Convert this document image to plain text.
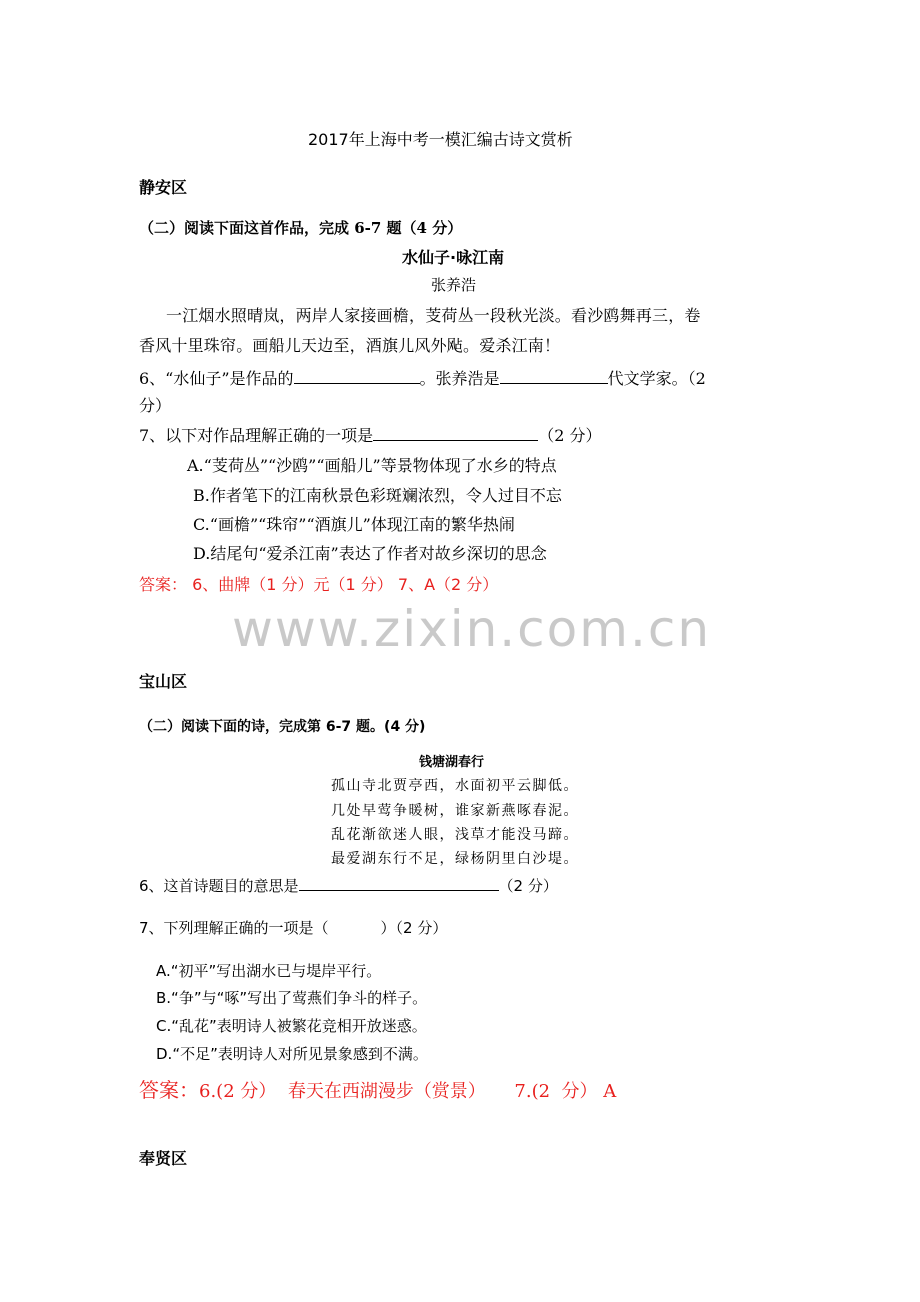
2017年上海中考一模汇编古诗文赏析
静安区
（二）阅读下面这首作品，完成 6-7 题（4 分）
水仙子·咏江南
张养浩
一江烟水照晴岚，两岸人家接画檐，芰荷丛一段秋光淡。看沙鸥舞再三，卷
香风十里珠帘。画船儿天边至，酒旗儿风外飐。爱杀江南！
6、“水仙子”是作品的	。张养浩是	代文学家。（2
分）
7、以下对作品理解正确的一项是	（2 分）
A.“芰荷丛”“沙鸥”“画船儿”等景物体现了水乡的特点
B.作者笔下的江南秋景色彩斑斓浓烈，令人过目不忘
C.“画檐”“珠帘”“酒旗儿”体现江南的繁华热闹
D.结尾句“爱杀江南”表达了作者对故乡深切的思念
答案： 6、曲牌（1 分）元（1 分） 7、A（2 分）
www.zixin.com.cn
宝山区
（二）阅读下面的诗，完成第 6-7 题。(4 分)
钱塘湖春行
孤山寺北贾亭西，水面初平云脚低。
几处早莺争暖树，谁家新燕啄春泥。
乱花渐欲迷人眼，浅草才能没马蹄。
最爱湖东行不足，绿杨阴里白沙堤。
6、这首诗题目的意思是	（2 分）
7、下列理解正确的一项是（	）（2 分）
A.“初平”写出湖水已与堤岸平行。
B.“争”与“啄”写出了莺燕们争斗的样子。
C.“乱花”表明诗人被繁花竞相开放迷惑。
D.“不足”表明诗人对所见景象感到不满。
答案：6.(2 分）  春天在西湖漫步（赏景）     7.(2  分） A
奉贤区
